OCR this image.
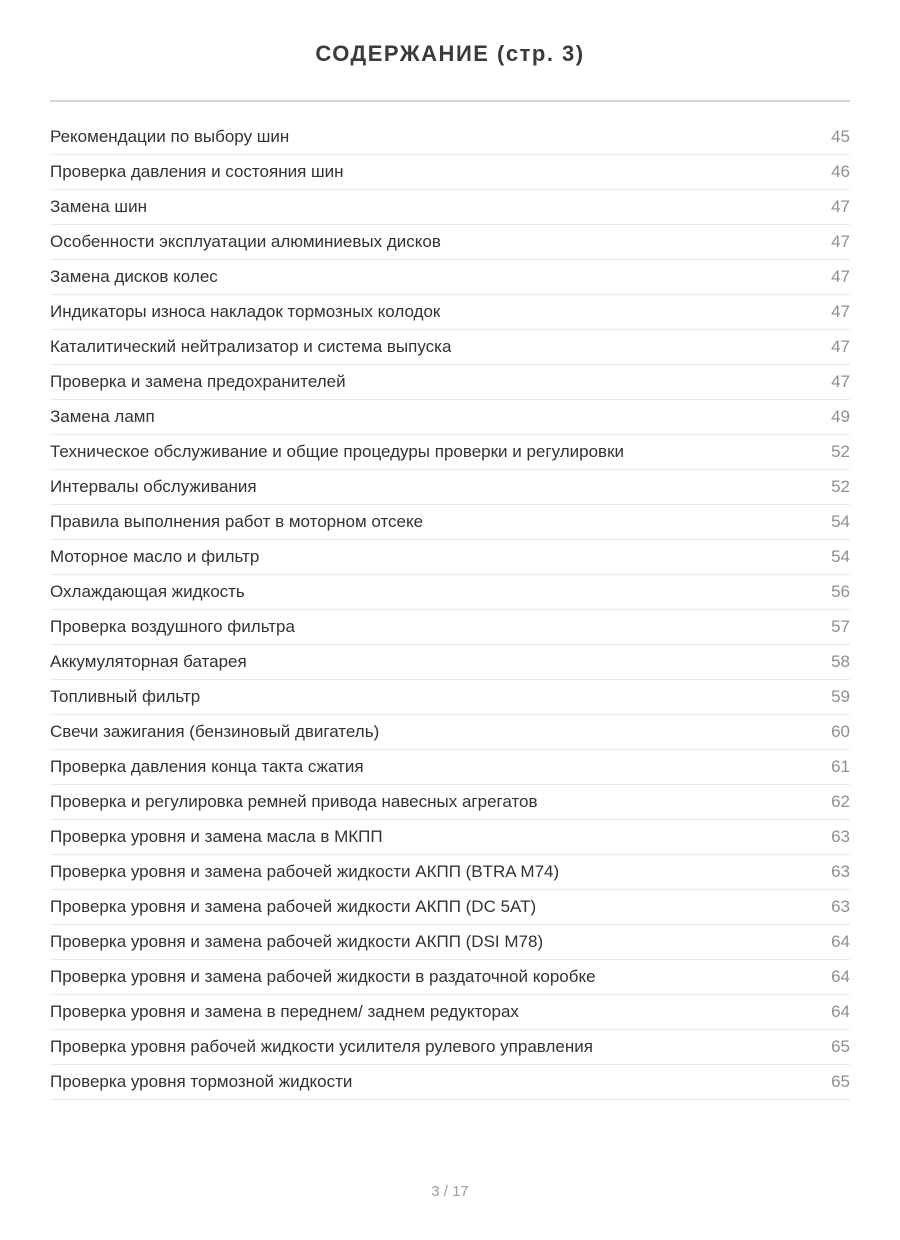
СОДЕРЖАНИЕ (стр. 3)
Рекомендации по выбору шин	45
Проверка давления и состояния шин	46
Замена шин	47
Особенности эксплуатации алюминиевых дисков	47
Замена дисков колес	47
Индикаторы износа накладок тормозных колодок	47
Каталитический нейтрализатор и система выпуска	47
Проверка и замена предохранителей	47
Замена ламп	49
Техническое обслуживание и общие процедуры проверки и регулировки	52
Интервалы обслуживания	52
Правила выполнения работ в моторном отсеке	54
Моторное масло и фильтр	54
Охлаждающая жидкость	56
Проверка воздушного фильтра	57
Аккумуляторная батарея	58
Топливный фильтр	59
Свечи зажигания (бензиновый двигатель)	60
Проверка давления конца такта сжатия	61
Проверка и регулировка ремней привода навесных агрегатов	62
Проверка уровня и замена масла в МКПП	63
Проверка уровня и замена рабочей жидкости АКПП (BTRA M74)	63
Проверка уровня и замена рабочей жидкости АКПП (DC 5AT)	63
Проверка уровня и замена рабочей жидкости АКПП (DSI M78)	64
Проверка уровня и замена рабочей жидкости в раздаточной коробке	64
Проверка уровня и замена в переднем/ заднем редукторах	64
Проверка уровня рабочей жидкости усилителя рулевого управления	65
Проверка уровня тормозной жидкости	65
3 / 17
